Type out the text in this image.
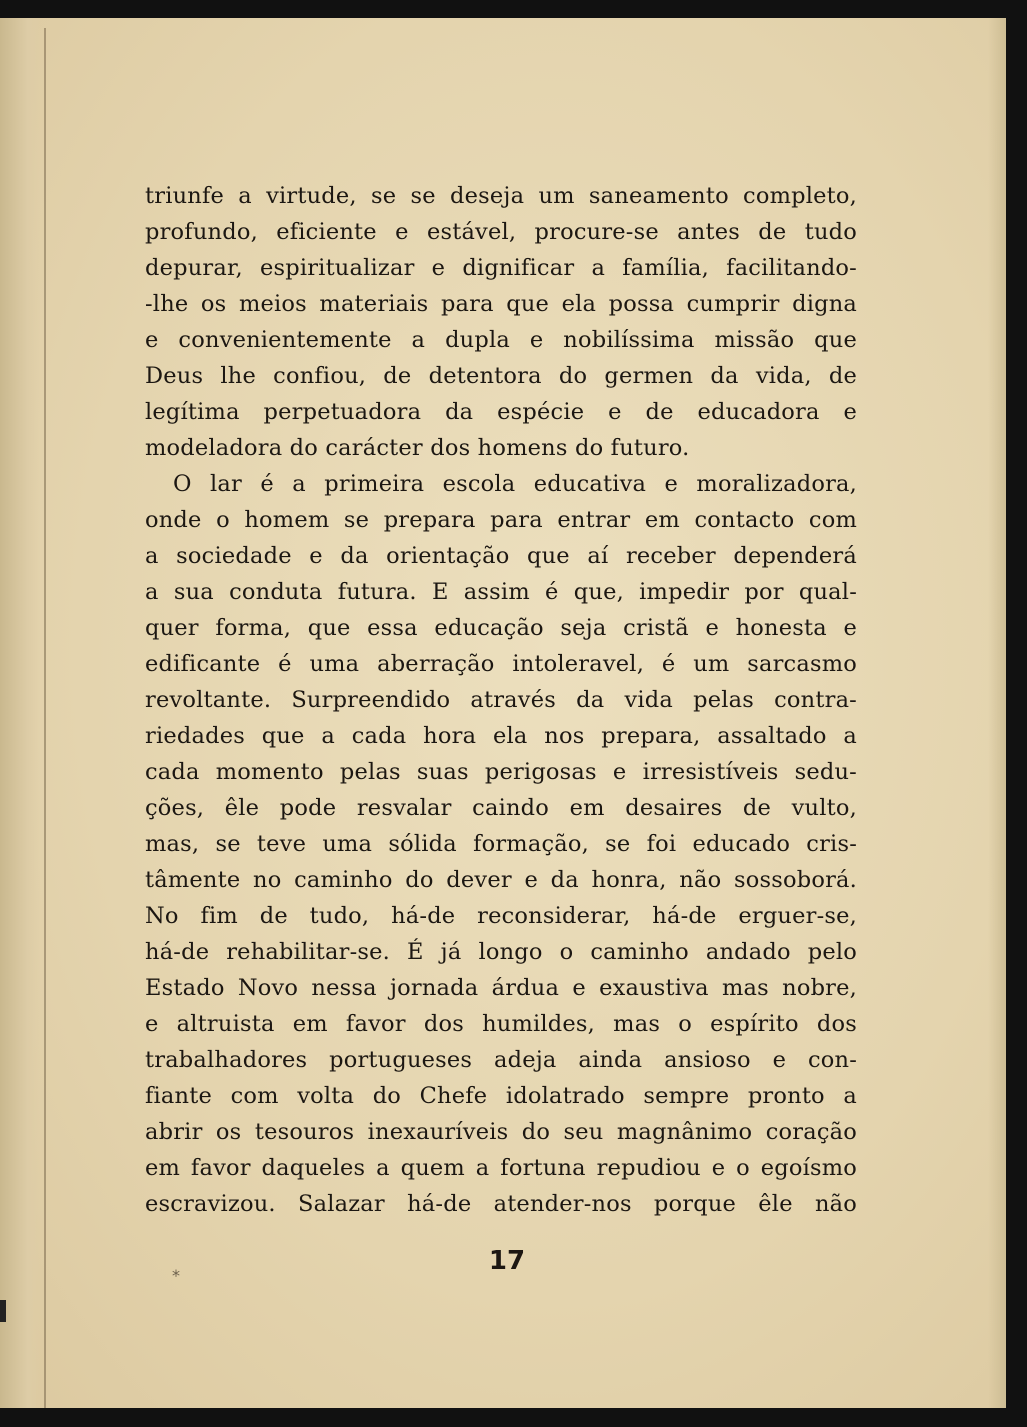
triunfe a virtude, se se deseja um saneamento completo,
profundo, eficiente e estável, procure-se antes de tudo
depurar, espiritualizar e dignificar a família, facilitando-
-lhe os meios materiais para que ela possa cumprir digna
e convenientemente a dupla e nobilíssima missão que
Deus lhe confiou, de detentora do germen da vida, de
legítima perpetuadora da espécie e de educadora e
modeladora do carácter dos homens do futuro.
O lar é a primeira escola educativa e moralizadora,
onde o homem se prepara para entrar em contacto com
a sociedade e da orientação que aí receber dependerá
a sua conduta futura. E assim é que, impedir por qual-
quer forma, que essa educação seja cristã e honesta e
edificante é uma aberração intoleravel, é um sarcasmo
revoltante. Surpreendido através da vida pelas contra-
riedades que a cada hora ela nos prepara, assaltado a
cada momento pelas suas perigosas e irresistíveis sedu-
ções, êle pode resvalar caindo em desaires de vulto,
mas, se teve uma sólida formação, se foi educado cris-
tâmente no caminho do dever e da honra, não sossoborá.
No fim de tudo, há-de reconsiderar, há-de erguer-se,
há-de rehabilitar-se. É já longo o caminho andado pelo
Estado Novo nessa jornada árdua e exaustiva mas nobre,
e altruista em favor dos humildes, mas o espírito dos
trabalhadores portugueses adeja ainda ansioso e con-
fiante com volta do Chefe idolatrado sempre pronto a
abrir os tesouros inexauríveis do seu magnânimo coração
em favor daqueles a quem a fortuna repudiou e o egoísmo
escravizou. Salazar há-de atender-nos porque êle não
*	17
